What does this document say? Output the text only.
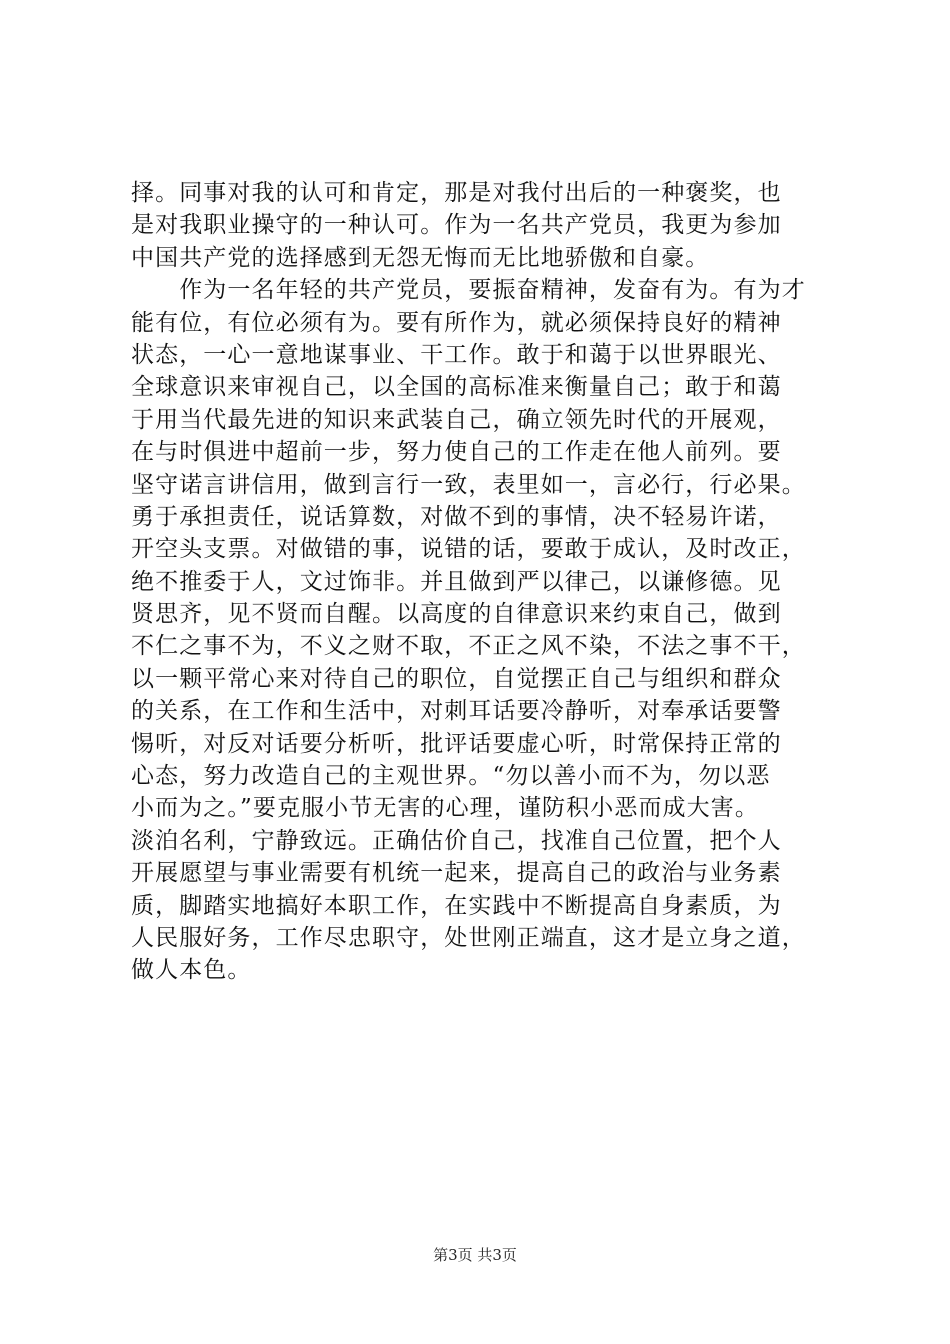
择。同事对我的认可和肯定，那是对我付出后的一种褒奖，也
是对我职业操守的一种认可。作为一名共产党员，我更为参加
中国共产党的选择感到无怨无悔而无比地骄傲和自豪。
　　作为一名年轻的共产党员，要振奋精神，发奋有为。有为才
能有位，有位必须有为。要有所作为，就必须保持良好的精神
状态，一心一意地谋事业、干工作。敢于和蔼于以世界眼光、
全球意识来审视自己，以全国的高标准来衡量自己；敢于和蔼
于用当代最先进的知识来武装自己，确立领先时代的开展观，
在与时俱进中超前一步，努力使自己的工作走在他人前列。要
坚守诺言讲信用，做到言行一致，表里如一，言必行，行必果。
勇于承担责任，说话算数，对做不到的事情，决不轻易许诺，
开空头支票。对做错的事，说错的话，要敢于成认，及时改正，
绝不推委于人，文过饰非。并且做到严以律己，以谦修德。见
贤思齐，见不贤而自醒。以高度的自律意识来约束自己，做到
不仁之事不为，不义之财不取，不正之风不染，不法之事不干，
以一颗平常心来对待自己的职位，自觉摆正自己与组织和群众
的关系，在工作和生活中，对刺耳话要冷静听，对奉承话要警
惕听，对反对话要分析听，批评话要虚心听，时常保持正常的
心态，努力改造自己的主观世界。“勿以善小而不为，勿以恶
小而为之。”要克服小节无害的心理，谨防积小恶而成大害。
淡泊名利，宁静致远。正确估价自己，找准自己位置，把个人
开展愿望与事业需要有机统一起来，提高自己的政治与业务素
质，脚踏实地搞好本职工作，在实践中不断提高自身素质，为
人民服好务，工作尽忠职守，处世刚正端直，这才是立身之道，
做人本色。
第3页 共3页
